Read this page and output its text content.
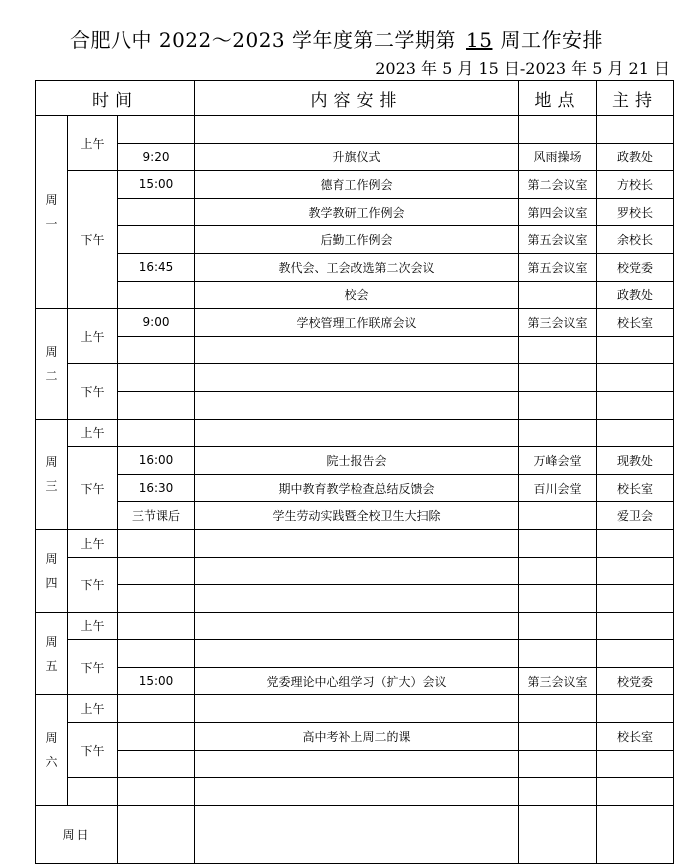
合肥八中 2022～2023 学年度第二学期第 15 周工作安排
2023 年 5 月 15 日-2023 年 5 月 21 日
时间			内容安排	地点	主持

周
一	上午				
		9:20	升旗仪式	风雨操场	政教处
	下午	15:00	德育工作例会	第二会议室	方校长
			教学教研工作例会	第四会议室	罗校长
			后勤工作例会	第五会议室	余校长
		16:45	教代会、工会改选第二次会议	第五会议室	校党委
			校会		政教处

周
二	上午	9:00	学校管理工作联席会议	第三会议室	校长室

	下午				

周
三	上午				
	下午	16:00	院士报告会	万峰会堂	现教处
		16:30	期中教育教学检查总结反馈会	百川会堂	校长室
		三节课后	学生劳动实践暨全校卫生大扫除		爱卫会

周
四	上午				
	下午				

周
五	上午				
	下午				
		15:00	党委理论中心组学习（扩大）会议	第三会议室	校党委

周
六	上午				
	下午		高中考补上周二的课		校长室

周日					
